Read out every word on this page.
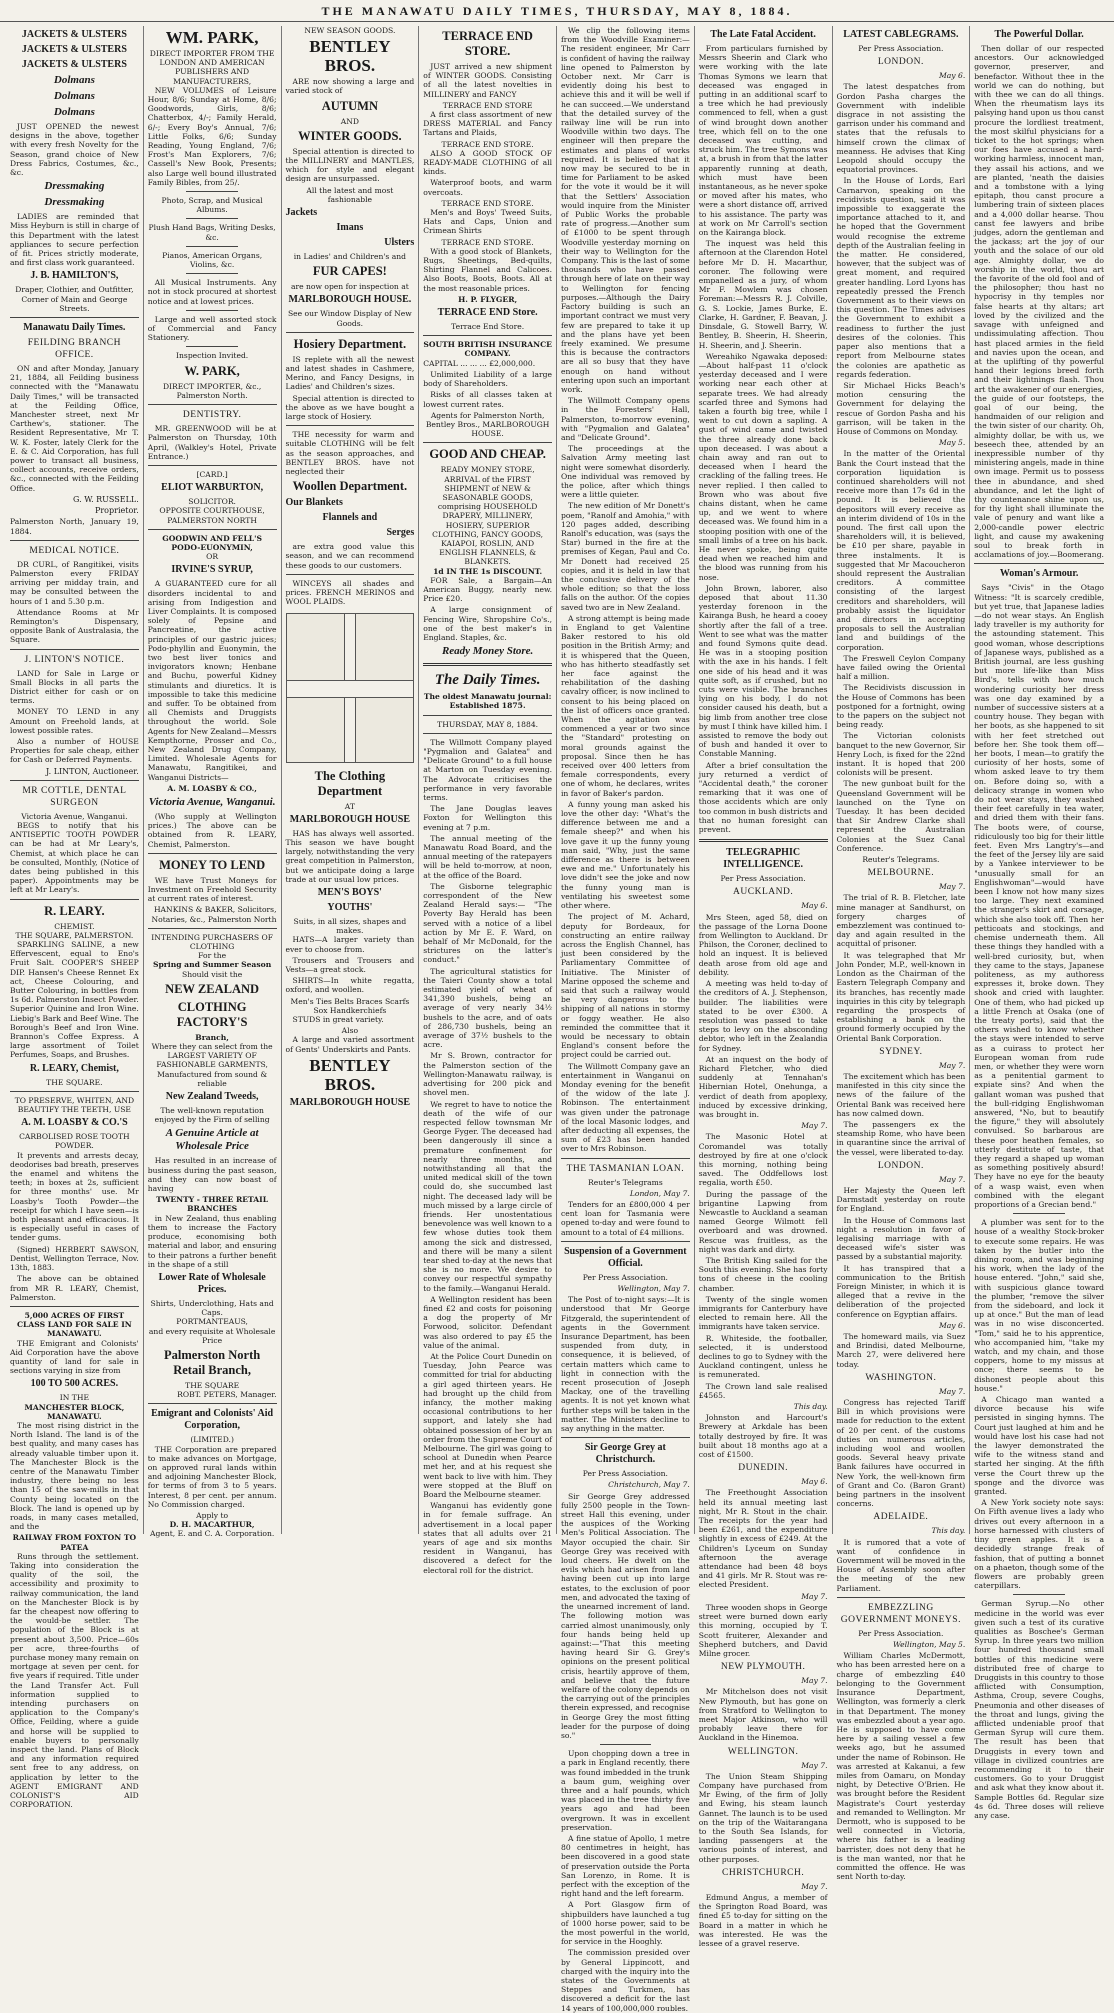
THE MANAWATU DAILY TIMES, THURSDAY, MAY 8, 1884.
JACKETS & ULSTERS
JACKETS & ULSTERS
JACKETS & ULSTERS
Dolmans
Dolmans
Dolmans

JUST OPENED the newest designs in the above, together with every fresh Novelty for the Season, grand choice of New Dress Fabrics, Costumes, &c., &c.

Dressmaking
Dressmaking

LADIES are reminded that Miss Heyburn is still in charge of this Department with the latest appliances to secure perfection of fit. Prices strictly moderate, and first class work guaranteed.

J. B. HAMILTON'S,
Draper, Clothier, and Outfitter, Corner of Main and George Streets.
Manawatu Daily Times.
FEILDING BRANCH OFFICE.

ON and after Monday, January 21, 1884, all Feilding business connected with the "Manawatu Daily Times," will be transacted at the Feilding Office, Manchester street, next Mr Carthew's, stationer. The Resident Representative, Mr T. W. K. Foster, lately Clerk for the E. & C. Aid Corporation, has full power to transact all business, collect accounts, receive orders, &c., connected with the Feilding Office.

G. W. RUSSELL.
Proprietor.

Palmerston North, January 19, 1884.

MEDICAL NOTICE.

DR CURL, of Rangitikei, visits Palmerston every FRIDAY arriving per midday train, and may be consulted between the hours of 1 and 5.30 p.m.

Attendance Rooms at Mr Remington's Dispensary, opposite Bank of Australasia, the Square.

J. LINTON'S NOTICE.

LAND for Sale in Large or Small Blocks in all parts the District either for cash or on terms.

MONEY TO LEND in any Amount on Freehold lands, at lowest possible rates.

Also a number of HOUSE Properties for sale cheap, either for Cash or Deferred Payments.

J. LINTON, Auctioneer.
MR COTTLE, DENTAL SURGEON
Victoria Avenue, Wanganui.

BEGS to notify that his ANTISEPTIC TOOTH POWDER can be had at Mr Leary's, Chemist, at which place he can be consulted, Monthly, (Notice of dates being published in this paper). Appointments may be left at Mr Leary's.

R. LEARY.
CHEMIST.
THE SQUARE, PALMERSTON.

SPARKLING SALINE, a new Effervescent, equal to Eno's Fruit Salt. COOPER'S SHEEP DIP. Hansen's Cheese Rennet Ex act, Cheese Colouring, and Butter Colouring, in bottles from 1s 6d. Palmerston Insect Powder. Superior Quinine and Iron Wine. Liebig's Bark and Beef Wine. The Borough's Beef and Iron Wine. Brannon's Coffee Express. A large assortment of Toilet Perfumes, Soaps, and Brushes.

R. LEARY, Chemist,
THE SQUARE.
TO PRESERVE, WHITEN, AND BEAUTIFY THE TEETH, USE
A. M. LOASBY & CO.'S
CARBOLISED ROSE TOOTH POWDER.

It prevents and arrests decay, deodorises bad breath, preserves the enamel and whitens the teeth; in boxes at 2s, sufficient for three months' use. Mr Loasby's Tooth Powder—the receipt for which I have seen—is both pleasant and efficacious. It is especially useful in cases of tender gums.

(Signed) HERBERT SAWSON, Dentist, Wellington Terrace, Nov. 13th, 1883.

The above can be obtained from MR R. LEARY, Chemist, Palmerston.

5,000 ACRES OF FIRST CLASS LAND FOR SALE IN MANAWATU.

THE Emigrant and Colonists' Aid Corporation have the above quantity of land for sale in sections varying in size from

100 TO 500 ACRES.
IN THE
MANCHESTER BLOCK, MANAWATU.

The most rising district in the North Island. The land is of the best quality, and many cases has already valuable timber upon it. The Manchester Block is the centre of the Manawatu Timber industry, there being no less than 15 of the saw-mills in that County being located on the Block. The land is opened up by roads, in many cases metalled, and the

RAILWAY FROM FOXTON TO PATEA

Runs through the settlement. Taking into consideration the quality of the soil, the accessibility and proximity to railway communication, the land on the Manchester Block is by far the cheapest now offering to the would-be settler. The population of the Block is at present about 3,500. Price—60s per acre, three-fourths of purchase money many remain on mortgage at seven per cent. for five years if required. Title under the Land Transfer Act. Full information supplied to intending purchasers on application to the Company's Office, Feilding, where a guide and horse will be supplied to enable buyers to personally inspect the land. Plans of Block and any information required sent free to any address, on application by letter to the AGENT EMIGRANT AND COLONIST'S AID CORPORATION.

WM. PARK,
DIRECT IMPORTER FROM THE LONDON AND AMERICAN PUBLISHERS AND MANUFACTURERS,

NEW VOLUMES of Leisure Hour, 8/6; Sunday at Home, 8/6; Goodwords, Girls, 8/6; Chatterbox, 4/-; Family Herald, 6/-; Every Boy's Annual, 7/6; Little Folks, 6/6; Sunday Reading, Young England, 7/6; Frost's Man Explorers, 7/6; Cassell's New Book, Presents; also Large well bound illustrated Family Bibles, from 25/.

Photo, Scrap, and Musical Albums.
Plush Hand Bags, Writing Desks, &c.
Pianos, American Organs, Violins, &c.

All Musical Instruments. Any not in stock procured at shortest notice and at lowest prices.

Large and well assorted stock of Commercial and Fancy Stationery.

Inspection Invited.
W. PARK,
DIRECT IMPORTER, &c.,
Palmerston North.
DENTISTRY.

MR. GREENWOOD will be at Palmerston on Thursday, 10th April, (Walkley's Hotel, Private Entrance.)

[CARD.]
ELIOT WARBURTON,
SOLICITOR.
OPPOSITE COURTHOUSE, PALMERSTON NORTH
GOODWIN AND FELL'S PODO-EUONYMIN,
OR
IRVINE'S SYRUP,

A GUARANTEED cure for all disorders incidental to and arising from Indigestion and Liver Complaints. It is composed solely of Pepsine and Pancreatine, the active principles of our gastric juices; Podo-phyllin and Euonymin, the two best liver tonics and invigorators known; Henbane and Buchu, powerful Kidney stimulants and diuretics. It is impossible to take this medicine and suffer. To be obtained from all Chemists and Druggists throughout the world. Sole Agents for New Zealand—Messrs Kempthorne, Prosser and Co., New Zealand Drug Company, Limited. Wholesale Agents for Manawatu, Rangitikei, and Wanganui Districts—

A. M. LOASBY & CO.,
Victoria Avenue, Wanganui.

(Who supply at Wellington prices.) The above can be obtained from R. LEARY, Chemist, Palmerston.

MONEY TO LEND

WE have Trust Moneys for Investment on Freehold Security at current rates of interest.

HANKINS & BAKER, Solicitors, Notaries, &c., Palmerston North
INTENDING PURCHASERS OF CLOTHING
For the
Spring and Summer Season
Should visit the
NEW ZEALAND
CLOTHING FACTORY'S
Branch,
Where they can select from the
LARGEST VARIETY OF FASHIONABLE GARMENTS,
Manufactured from sound & reliable
New Zealand Tweeds,
The well-known reputation enjoyed by the Firm of selling
A Genuine Article at Wholesale Price

Has resulted in an increase of business during the past season, and they can now boast of having

TWENTY - THREE RETAIL
BRANCHES

in New Zealand, thus enabling them to increase the Factory produce, economising both material and labor, and ensuring to their patrons a further benefit in the shape of a still

Lower Rate of Wholesale Prices.
Shirts, Underclothing, Hats and Caps.
PORTMANTEAUS,
and every requisite at Wholesale Price
Palmerston North Retail Branch,
THE SQUARE
ROBT. PETERS, Manager.
Emigrant and Colonists' Aid Corporation,
(LIMITED.)

THE Corporation are prepared to make advances on Mortgage, on approved rural lands within and adjoining Manchester Block, for terms of from 3 to 5 years. Interest, 8 per cent. per annum. No Commission charged.

Apply to
D. H. MACARTHUR,
Agent, E. and C. A. Corporation.
NEW SEASON GOODS.
BENTLEY BROS.

ARE now showing a large and varied stock of

AUTUMN
AND
WINTER GOODS.

Special attention is directed to the MILLINERY and MANTLES, which for style and elegant design are unsurpassed.

All the latest and most fashionable
Jackets
Imans
Ulsters
in Ladies' and Children's and
FUR CAPES!
are now open for inspection at
MARLBOROUGH HOUSE.
See our Window Display of New Goods.
Hosiery Department.

IS replete with all the newest and latest shades in Cashmere, Merino, and Fancy Designs, in Ladies' and Children's sizes.

Special attention is directed to the above as we have bought a large stock of Hosiery.

THE necessity for warm and suitable CLOTHING will be felt as the season approaches, and BENTLEY BROS. have not neglected their

Woollen Department.
Our Blankets
Flannels and
Serges

are extra good value this season, and we can recommend these goods to our customers.

WINCEYS all shades and prices. FRENCH MERINOS and WOOL PLAIDS.

The Clothing Department
AT
MARLBOROUGH HOUSE

HAS has always well assorted. This season we have bought largely, notwithstanding the very great competition in Palmerston, but we anticipate doing a large trade at our usual low prices.

MEN'S BOYS'
YOUTHS'
Suits, in all sizes, shapes and makes.

HATS—A larger variety than ever to choose from.

Trousers and Trousers and Vests—a great stock.

SHIRTS—In white regatta, oxford, and woollen.

Men's Ties Belts Braces Scarfs Sox Handkerchiefs

STUDS in great variety.

Also

A large and varied assortment of Gents' Underskirts and Pants.

BENTLEY BROS.
MARLBOROUGH HOUSE
TERRACE END STORE.

JUST arrived a new shipment of WINTER GOODS. Consisting of all the latest novelties in MILLINERY and FANCY

TERRACE END STORE

A first class assortment of new DRESS MATERIAL and Fancy Tartans and Plaids,

TERRACE END STORE.

ALSO A GOOD STOCK OF READY-MADE CLOTHING of all kinds.

Waterproof boots, and warm overcoats.

TERRACE END STORE.

Men's and Boys' Tweed Suits, Hats and Caps, Union and Crimean Shirts

TERRACE END STORE.

With a good stock of Blankets, Rugs, Sheetings, Bed-quilts, Shirting Flannel and Calicoes. Also Boots, Boots, Boots. All at the most reasonable prices.

H. P. FLYGER,
TERRACE END Store.
Terrace End Store.
SOUTH BRITISH INSURANCE COMPANY.

CAPITAL ... ... ... £2,000,000.

Unlimited Liability of a large body of Shareholders.

Risks of all classes taken at lowest current rates.

Agents for Palmerston North, Bentley Bros., MARLBOROUGH HOUSE.
GOOD AND CHEAP.
READY MONEY STORE,
ARRIVAL of the FIRST SHIPMENT of NEW & SEASONABLE GOODS, comprising HOUSEHOLD DRAPERY, MILLINERY, HOSIERY, SUPERIOR CLOTHING, FANCY GOODS, KAIAPOI, ROSLIN, AND ENGLISH FLANNELS, & BLANKETS.
1d IN THE 1s DISCOUNT.

FOR Sale, a Bargain—An American Buggy, nearly new. Price £20.

A large consignment of Fencing Wire, Shropshire Co's., one of the best maker's in England. Staples, &c.

Ready Money Store.
The Daily Times.
The oldest Manawatu journal: Established 1875.
THURSDAY, MAY 8, 1884.

The Willmott Company played "Pygmalion and Galatea" and "Delicate Ground" to a full house at Marton on Tuesday evening. The Advocate criticises the performance in very favorable terms.

The Jane Douglas leaves Foxton for Wellington this evening at 7 p.m.

The annual meeting of the Manawatu Road Board, and the annual meeting of the ratepayers will be held to-morrow, at noon, at the office of the Board.

The Gisborne telegraphic correspondent of the New Zealand Herald says:— "The Poverty Bay Herald has been served with a notice of a libel action by Mr E. F. Ward, on behalf of Mr McDonald, for the strictures on the latter's conduct."

The agricultural statistics for the Taieri County show a total estimated yield of wheat of 341,390 bushels, being an average of very nearly 34½ bushels to the acre, and of oats of 286,730 bushels, being an average of 37½ bushels to the acre.

Mr S. Brown, contractor for the Palmerston section of the Wellington-Manawatu railway, is advertising for 200 pick and shovel men.

We regret to have to notice the death of the wife of our respected fellow townsman Mr George Fyger. The deceased had been dangerously ill since a premature confinement for nearly three months, and notwithstanding all that the united medical skill of the town could do, she succumbed last night. The deceased lady will be much missed by a large circle of friends. Her unostentatious benevolence was well known to a few whose duties took them among the sick and distressed, and there will be many a silent tear shed to-day at the news that she is no more. We desire to convey our respectful sympathy to the family.—Wanganui Herald.

A Wellington resident has been fined £2 and costs for poisoning a dog the property of Mr Forwood, solicitor. Defendant was also ordered to pay £5 the value of the animal.

At the Police Court Dunedin on Tuesday, John Pearce was committed for trial for abducting a girl aged thirteen years. He had brought up the child from infancy, the mother making occasional contributions to her support, and lately she had obtained possession of her by an order from the Supreme Court of Melbourne. The girl was going to school at Dunedin when Pearce met her, and at his request she went back to live with him. They were stopped at the Bluff on Board the Melbourne steamer.

Wanganui has evidently gone in for female suffrage. An advertisement in a local paper states that all adults over 21 years of age and six months resident in Wanganui, has discovered a defect for the electoral roll for the district.

We clip the following items from the Woodville Examiner:—The resident engineer, Mr Carr is confident of having the railway line opened to Palmerston by October next. Mr Carr is evidently doing his best to achieve this and it will be well if he can succeed.—We understand that the detailed survey of the railway line will be run into Woodville within two days. The engineer will then prepare the estimates and plans of works required. It is believed that it now may be secured to be in time for Parliament to be asked for the vote it would be it will that the Settlers' Association would inquire from the Minister of Public Works the probable rate of progress.—Another sum of £1000 to be spent through Woodville yesterday morning on their way to Wellington for the Company. This is the last of some thousands who have passed through here of late on their way to Wellington for fencing purposes.—Although the Dairy Factory building is such an important contract we must very few are prepared to take it up and the plans have yet been freely examined. We presume this is because the contractors are all so busy that they have enough on hand without entering upon such an important work.

The Willmott Company opens in the Foresters' Hall, Palmerston, to-morrow evening, with "Pygmalion and Galatea" and "Delicate Ground".

The proceedings at the Salvation Army meeting last night were somewhat disorderly. One individual was removed by the police, after which things were a little quieter.

The new edition of Mr Donett's poem, "Ranolf and Amohia," with 120 pages added, describing Ranolf's education, was (says the Star) burned in the fire at the premises of Kegan, Paul and Co. Mr Donett had received 25 copies, and it is held in law that the conclusive delivery of the whole edition; so that the loss falls on the author. Of the copies saved two are in New Zealand.

A strong attempt is being made in England to get Valentine Baker restored to his old position in the British Army; and it is whispered that the Queen, who has hitherto steadfastly set her face against the rehabilitation of the dashing cavalry officer, is now inclined to consent to his being placed on the list of officers once granted. When the agitation was commenced a year or two since the "Standard" protesting on moral grounds against the proposal. Since then he has received over 400 letters from female correspondents, every one of whom, he declares, writes in favor of Baker's pardon.

A funny young man asked his love the other day: "What's the difference between me and a female sheep?" and when his love gave it up the funny young man said, "Why, just the same difference as there is between ewe and me." Unfortunately his love didn't see the joke and now the funny young man is ventilating his sweetest some other where.

The project of M. Achard, deputy for Bordeaux, for constructing an entire railway across the English Channel, has just been considered by the Parliamentary Committee of Initiative. The Minister of Marine opposed the scheme and said that such a railway would be very dangerous to the shipping of all nations in stormy or foggy weather. He also reminded the committee that it would be necessary to obtain England's consent before the project could be carried out.

The Willmott Company gave an entertainment in Wanganui on Monday evening for the benefit of the widow of the late J. Robinson. The entertainment was given under the patronage of the local Masonic lodges, and after deducting all expenses, the sum of £23 has been handed over to Mrs Robinson.

THE TASMANIAN LOAN.
Reuter's Telegrams
London, May 7.

Tenders for an £800,000 4 per cent loan for Tasmania were opened to-day and were found to amount to a total of £4 millions.

Suspension of a Government Official.
Per Press Association.
Wellington, May 7.

The Post of to-night says:—It is understood that Mr George Fitzgerald, the superintendent of agents in the Government Insurance Department, has been suspended from duty, in consequence, it is believed, of certain matters which came to light in connection with the recent prosecution of Joseph Mackay, one of the travelling agents. It is not yet known what further steps will be taken in the matter. The Ministers decline to say anything in the matter.

Sir George Grey at Christchurch.
Per Press Association.
Christchurch, May 7.

Sir George Grey addressed fully 2500 people in the Town-street Hall this evening, under the auspices of the Working Men's Political Association. The Mayor occupied the chair. Sir George Grey was received with loud cheers. He dwelt on the evils which had arisen from land having been cut up into large estates, to the exclusion of poor men, and advocated the taxing of the unearned increment of land. The following motion was carried almost unanimously, only four hands being held up against:—"That this meeting having heard Sir G. Grey's opinions on the present political crisis, heartily approve of them, and believe that the future welfare of the colony depends on the carrying out of the principles therein expressed, and recognise in George Grey the most fitting leader for the purpose of doing so."

Upon chopping down a tree in a park in England recently, there was found imbedded in the trunk a baum gum, weighing over three and a half pounds, which was placed in the tree thirty five years ago and had been overgrown. It was in excellent preservation.

A fine statue of Apollo, 1 metre 80 centimetres in height, has been discovered in a good state of preservation outside the Porta San Lorenzo, in Rome. It is perfect with the exception of the right hand and the left forearm.

A Port Glasgow firm of shipbuilders have launched a tug of 1000 horse power, said to be the most powerful in the world, for service in the Hooghly.

The commission presided over by General Lippincott, and charged with the inquiry into the states of the Governments at Steppes and Turkmen, has discovered a deficit for the last 14 years of 100,000,000 roubles.

The Late Fatal Accident.

From particulars furnished by Messrs Sheerin and Clark who were working with the late Thomas Symons we learn that deceased was engaged in putting in an additional scarf to a tree which he had previously commenced to fell, when a gust of wind brought down another tree, which fell on to the one deceased was cutting, and struck him. The tree Symons was at, a brush in from that the latter apparently running at death, which must have been instantaneous, as he never spoke or moved after his mates, who were a short distance off, arrived to his assistance. The party was at work on Mr Carroll's section on the Kairanga block.

The inquest was held this afternoon at the Clarendon Hotel before Mr D. H. Macarthur, coroner. The following were empanelled as a jury, of whom Mr F. Mowlem was chosen Foreman:—Messrs R. J. Colville, G. S. Lockie, James Burke, E. Clarke, H. Gardner, F. Beavan, J. Dinsdale, G. Stowell Barry, W. Bentley, B. Sheerin, H. Sheerin, H. Sheerin, and J. Sheerin.

Wereahiko Ngawaka deposed:—About half-past 11 o'clock yesterday deceased and I were working near each other at separate trees. We had already scarfed three and Symons had taken a fourth big tree, while I went to cut down a sapling. A gust of wind came and twisted the three already done back upon deceased. I was about a chain away and ran out to deceased when I heard the crackling of the falling trees. He never replied. I then called to Brown who was about five chains distant, when he came up, and we went to where deceased was. We found him in a stooping position with one of the small limbs of a tree on his back. He never spoke, being quite dead when we reached him and the blood was running from his nose.

John Brown, laborer, also deposed that about 11.30 yesterday forenoon in the Kairanga Bush, he heard a cooey shortly after the fall of a tree. Went to see what was the matter and found Symons quite dead. He was in a stooping position with the axe in his hands. I felt one side of his head and it was quite soft, as if crushed, but no cuts were visible. The branches lying on his body, I do not consider caused his death, but a big limb from another tree close by must I think have killed him. I assisted to remove the body out of bush and handed it over to Constable Manning.

After a brief consultation the jury returned a verdict of "Accidental death," the coroner remarking that it was one of those accidents which are only too common in bush districts and that no human foresight can prevent.

TELEGRAPHIC INTELLIGENCE.
Per Press Association.
AUCKLAND.
May 6.

Mrs Steen, aged 58, died on the passage of the Lorna Doone from Wellington to Auckland. Dr Philson, the Coroner, declined to hold an inquest. It is believed death arose from old age and debility.

A meeting was held to-day of the creditors of A. J. Stephenson, builder. The liabilities were stated to be over £300. A resolution was passed to take steps to levy on the absconding debtor, who left in the Zealandia for Sydney.

At an inquest on the body of Richard Fletcher, who died suddenly at Tennahan's Hibernian Hotel, Onehunga, a verdict of death from apoplexy, induced by excessive drinking, was brought in.

May 7.

The Masonic Hotel at Coromandel was totally destroyed by fire at one o'clock this morning, nothing being saved. The Oddfellows lost regalia, worth £50.

During the passage of the brigantine Lapwing from Newcastle to Auckland a seaman named George Wilmott fell overboard and was drowned. Rescue was fruitless, as the night was dark and dirty.

The British King sailed for the South this evening. She has forty tons of cheese in the cooling chamber.

Twenty of the single women immigrants for Canterbury have elected to remain here. All the immigrants have taken service.

R. Whiteside, the footballer, selected, it is understood declines to go to Sydney with the Auckland contingent, unless he is remunerated.

The Crown land sale realised £4565.

This day.

Johnston and Harcourt's Brewery at Arkdale has been totally destroyed by fire. It was built about 18 months ago at a cost of £1500.

DUNEDIN.
May 6.

The Freethought Association held its annual meeting last night, Mr R. Stout in the chair. The receipts for the year had been £261, and the expenditure slightly in excess of £249. At the Children's Lyceum on Sunday afternoon the average attendance had been 48 boys and 41 girls. Mr R. Stout was re-elected President.

May 7.

Three wooden shops in George street were burned down early this morning, occupied by T. Scott fruiterer, Alexander and Shepherd butchers, and David Milne grocer.

NEW PLYMOUTH.
May 7.

Mr Mitchelson does not visit New Plymouth, but has gone on from Stratford to Wellington to meet Major Atkinson, who will probably leave there for Auckland in the Hinemoa.

WELLINGTON.
May 7.

The Union Steam Shipping Company have purchased from Mr Ewing, of the firm of Jolly and Ewing, his steam launch Gannet. The launch is to be used on the trip of the Waitarangana to the South Sea Islands, for landing passengers at the various points of interest, and other purposes.

CHRISTCHURCH.
May 7.

Edmund Angus, a member of the Springton Road Board, was fined £5 to-day for sitting on the Board in a matter in which he was interested. He was the lessee of a gravel reserve.

LATEST CABLEGRAMS.
Per Press Association.
LONDON.
May 6.

The latest despatches from Gordon Pasha charges the Government with indelible disgrace in not assisting the garrison under his command and states that the refusals to himself crown the climax of meanness. He advises that King Leopold should occupy the equatorial provinces.

In the House of Lords, Earl Carnarvon, speaking on the recidivists question, said it was impossible to exaggerate the importance attached to it, and he hoped that the Government would recognise the extreme depth of the Australian feeling in the matter. He considered, however, that the subject was of great moment, and required greater handling. Lord Lyons has repeatedly pressed the French Government as to their views on this question. The Times advises the Government to exhibit a readiness to further the just desires of the colonies. This paper also mentions that a report from Melbourne states the colonies are apathetic as regards federation.

Sir Michael Hicks Beach's motion censuring the Government for delaying the rescue of Gordon Pasha and his garrison, will be taken in the House of Commons on Monday.

May 5.

In the matter of the Oriental Bank the Court instead that the corporation liquidation is continued shareholders will not receive more than 17s 6d in the pound. It is believed the depositors will every receive as an interim dividend of 10s in the pound. The first call upon the shareholders will, it is believed, be £10 per share, payable in three instalments. It is suggested that Mr Macoucheron should represent the Australian creditors. A committee consisting of the largest creditors and shareholders, will probably assist the liquidator and directors in accepting proposals to sell the Australian land and buildings of the corporation.

The Freswell Ceylon Company have failed owing the Oriental half a million.

The Recidivists discussion in the House of Commons has been postponed for a fortnight, owing to the papers on the subject not being ready.

The Victorian colonists banquet to the new Governor, Sir Henry Loch, is fixed for the 22nd instant. It is hoped that 200 colonists will be present.

The new gunboat built for the Queensland Government will be launched on the Tyne on Tuesday. It has been decided that Sir Andrew Clarke shall represent the Australian Colonies at the Suez Canal Conference.

Reuter's Telegrams.
MELBOURNE.
May 7.

The trial of R. B. Fletcher, late mine manager at Sandhurst, on forgery charges of embezzlement was continued to-day and again resulted in the acquittal of prisoner.

It was telegraphed that Mr John Ponder, M.P., well-known in London as the Chairman of the Eastern Telegraph Company and its branches, has recently made inquiries in this city by telegraph regarding the prospects of establishing a bank on the ground formerly occupied by the Oriental Bank Corporation.

SYDNEY.
May 7.

The excitement which has been manifested in this city since the news of the failure of the Oriental Bank was received here has now calmed down.

The passengers ex the steamship Rome, who have been in quarantine since the arrival of the vessel, were liberated to-day.

LONDON.
May 7.

Her Majesty the Queen left Darmstadt yesterday on route for England.

In the House of Commons last night a resolution in favor of legalising marriage with a deceased wife's sister was passed by a substantial majority.

It has transpired that a communication to the British Foreign Minister, in which it is alleged that a revive in the deliberation of the projected conference on Egyptian affairs.

May 6.

The homeward mails, via Suez and Brindisi, dated Melbourne, March 27, were delivered here today.

WASHINGTON.
May 7.

Congress has rejected Tariff Bill in which provisions were made for reduction to the extent of 20 per cent. of the customs duties on numerous articles, including wool and woollen goods. Several heavy private Bank failures have occurred in New York, the well-known firm of Grant and Co. (Baron Grant) being partners in the insolvent concerns.

ADELAIDE.
This day.

It is rumored that a vote of want of confidence in Government will be moved in the House of Assembly soon after the meeting of the new Parliament.

EMBEZZLING GOVERNMENT MONEYS.
Per Press Association.
Wellington, May 5.

William Charles McDermott, who has been arrested here on a charge of embezzling £40 belonging to the Government Insurance Department, Wellington, was formerly a clerk in that Department. The money was embezzled about a year ago. He is supposed to have come here by a sailing vessel a few weeks ago, but he assumed under the name of Robinson. He was arrested at Kakanui, a few miles from Oamaru, on Monday night, by Detective O'Brien. He was brought before the Resident Magistrate's Court yesterday and remanded to Wellington. Mr Dermott, who is supposed to be well connected in Victoria, where his father is a leading barrister, does not deny that he is the man wanted, nor that he committed the offence. He was sent North to-day.

The Powerful Dollar.

Then dollar of our respected ancestors. Our acknowledged governor, preserver, and benefactor. Without thee in the world we can do nothing, but with thee we can do all things. When the rheumatism lays its palsying hand upon us thou canst procure the lordliest treatment, the most skilful physicians for a ticket to the hot springs; when our foes have accused a hard-working harmless, innocent man, they assail his actions, and we are planted, 'neath the daisies and a tombstone with a lying epitaph, thou canst procure a lumbering train of sixteen places and a 4,000 dollar hearse. Thou canst fee lawyers and bribe judges, adorn the gentleman and the jackass; art the joy of our youth and the solace of our old age. Almighty dollar, we do worship in the world, thou art the favorite of the old fool and of the philosopher; thou hast no hypocrisy in thy temples nor false hearts at thy altars; art loved by the civilized and the savage with unfeigned and undissimulating affection. Thou hast placed armies in the field and navies upon the ocean, and at the uplifting of thy powerful hand their legions breed forth and their lightnings flash. Thou art the awakener of our energies, the guide of our footsteps, the goal of our being, the handmaiden of our religion and the twin sister of our charity. Oh, almighty dollar, be with us, we beseech thee, attended by an inexpressible number of thy ministering angels, made in thine own image. Permit us to possess thee in abundance, and shed abundance, and let the light of thy countenance shine upon us, for thy light shall illuminate the vale of penury and want like a 2,000-candle power electric light, and cause my awakening soul to break forth in acclamations of joy.—Boomerang.

Woman's Armour.

Says "Civis" in the Otago Witness: "It is scarcely credible, but yet true, that Japanese ladies—do not wear stays. An English lady traveller is my authority for the astounding statement. This good woman, whose descriptions of Japanese ways, published as a British journal, are less gushing but more life-like than Miss Bird's, tells with how much wondering curiosity her dress was one day examined by a number of successive sisters at a country house. They began with her boots, as she happened to sit with her feet stretched out before her. She took them off—her boots, I mean—to gratify the curiosity of her hosts, some of whom asked leave to try them on. Before doing so, with a delicacy strange in women who do not wear stays, they washed their feet carefully in tea water, and dried them with their fans. The boots were, of course, ridiculously too big for their little feet. Even Mrs Langtry's—and the feet of the Jersey lily are said by a Yankee interviewer to be "unusually small for an Englishwoman"—would have been I know not how many sizes too large. They next examined the stranger's skirt and corsage, which she also took off. Then her petticoats and stockings, and chemise underneath them. All these things they handled with a well-bred curiosity, but, when they came to the stays, Japanese politeness, as my authoress expresses it, broke down. They shook and cried with laughter. One of them, who had picked up a little French at Osaka (one of the treaty ports), said that the others wished to know whether the stays were intended to serve as a cuirass to protect her European woman from rude men, or whether they were worn as a penitential garment to expiate sins? And when the gallant woman was pushed that the bull-ridging Englishwoman answered, "No, but to beautify the figure," they will absolutely convulsed. So barbarous are these poor heathen females, so utterly destitute of taste, that they regard a shaped up woman as something positively absurd! They have no eye for the beauty of a wasp waist, even when combined with the elegant proportions of a Grecian bend."

A plumber was sent for to the house of a wealthy Stock-broker to execute some repairs. He was taken by the butler into the dining room, and was beginning his work, when the lady of the house entered. "John," said she, with suspicious glance toward the plumber, "remove the silver from the sideboard, and lock it up at once." But the man of lead was in no wise disconcerted. "Tom," said he to his apprentice, who accompanied him, "take my watch, and my chain, and those coppers, home to my missus at once; there seems to be dishonest people about this house."

A Chicago man wanted a divorce because his wife persisted in singing hymns. The Court just laughed at him and he would have lost his case had not the lawyer demonstrated the wife to the witness stand and started her singing. At the fifth verse the Court threw up the sponge and the divorce was granted.

A New York society note says: On Fifth avenue lives a lady who drives out every afternoon in a horse harnessed with clusters of tiny green apples. It is a decidedly strange freak of fashion, that of putting a bonnet on a phaeton, though some of the flowers are probably green caterpillars.

German Syrup.—No other medicine in the world was ever given such a test of its curative qualities as Boschee's German Syrup. In three years two million four hundred thousand small bottles of this medicine were distributed free of charge to Druggists in this country to those afflicted with Consumption, Asthma, Croup, severe Coughs, Pneumonia and other diseases of the throat and lungs, giving the afflicted undeniable proof that German Syrup will cure them. The result has been that Druggists in every town and village in civilized countries are recommending it to their customers. Go to your Druggist and ask what they know about it. Sample Bottles 6d. Regular size 4s 6d. Three doses will relieve any case.
